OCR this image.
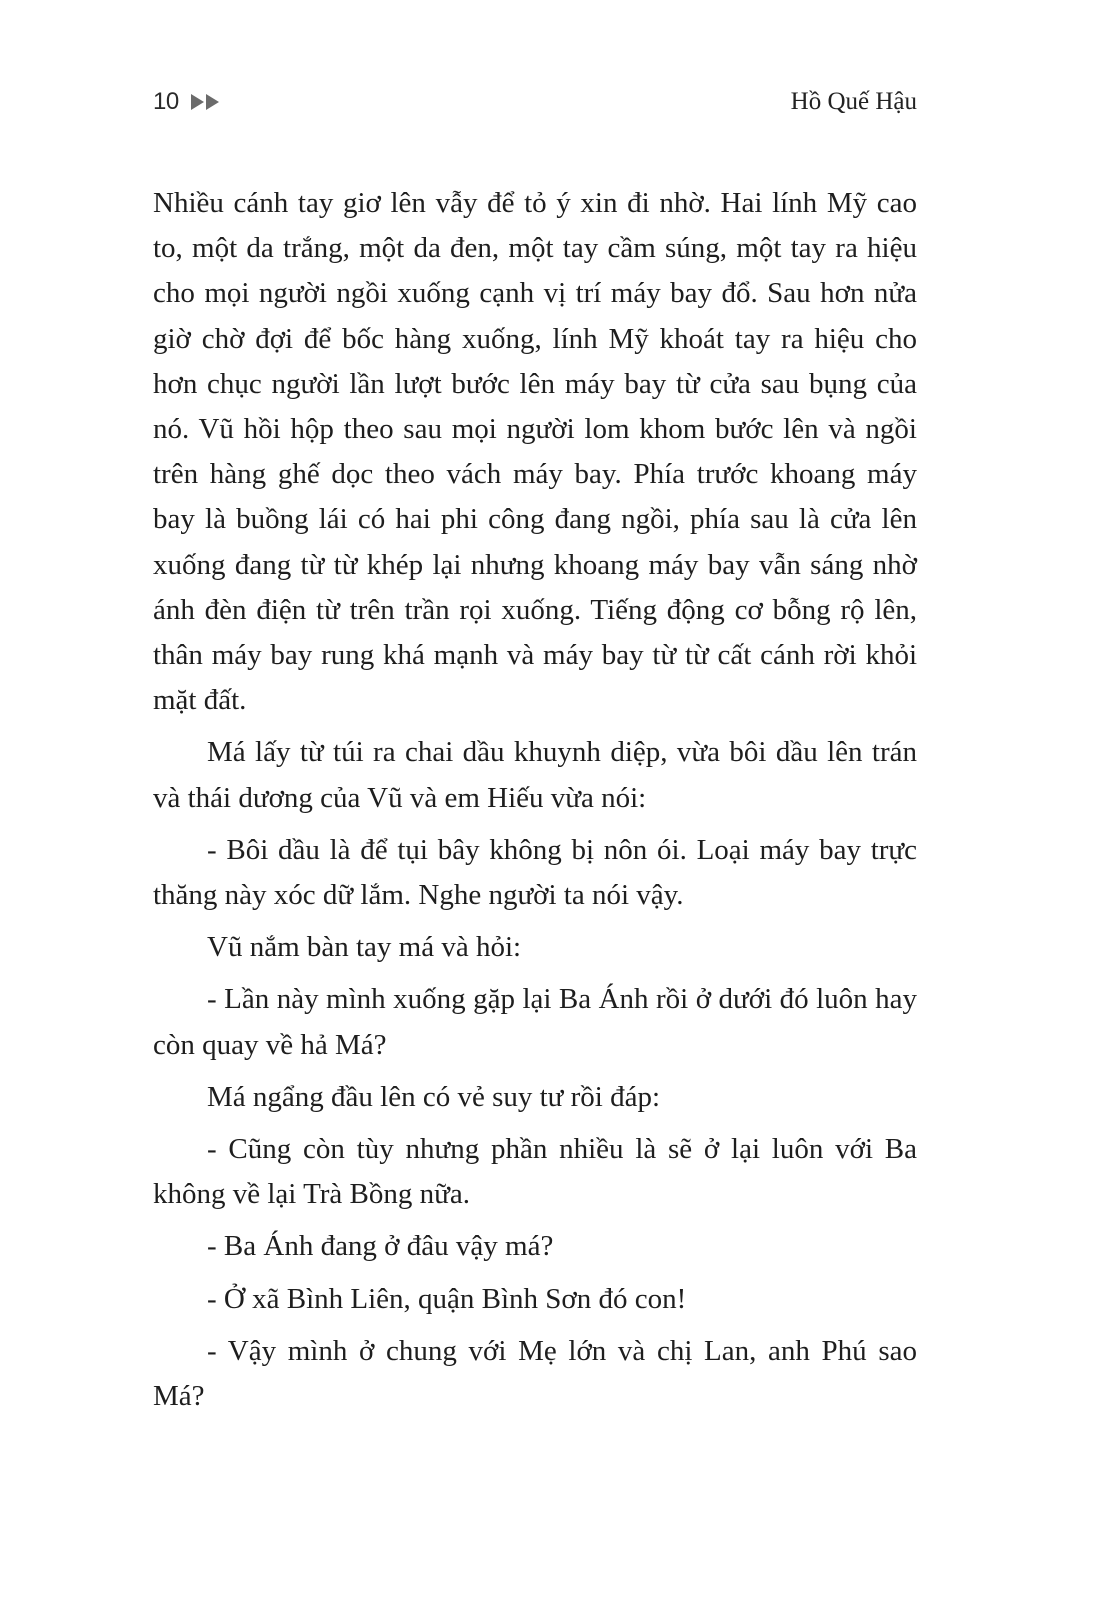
10	Hồ Quế Hậu

Nhiều cánh tay giơ lên vẫy để tỏ ý xin đi nhờ. Hai lính Mỹ cao to, một da trắng, một da đen, một tay cầm súng, một tay ra hiệu cho mọi người ngồi xuống cạnh vị trí máy bay đổ. Sau hơn nửa giờ chờ đợi để bốc hàng xuống, lính Mỹ khoát tay ra hiệu cho hơn chục người lần lượt bước lên máy bay từ cửa sau bụng của nó. Vũ hồi hộp theo sau mọi người lom khom bước lên và ngồi trên hàng ghế dọc theo vách máy bay. Phía trước khoang máy bay là buồng lái có hai phi công đang ngồi, phía sau là cửa lên xuống đang từ từ khép lại nhưng khoang máy bay vẫn sáng nhờ ánh đèn điện từ trên trần rọi xuống. Tiếng động cơ bỗng rộ lên, thân máy bay rung khá mạnh và máy bay từ từ cất cánh rời khỏi mặt đất.

Má lấy từ túi ra chai dầu khuynh diệp, vừa bôi dầu lên trán và thái dương của Vũ và em Hiếu vừa nói:

- Bôi dầu là để tụi bây không bị nôn ói. Loại máy bay trực thăng này xóc dữ lắm. Nghe người ta nói vậy.

Vũ nắm bàn tay má và hỏi:

- Lần này mình xuống gặp lại Ba Ánh rồi ở dưới đó luôn hay còn quay về hả Má?

Má ngẩng đầu lên có vẻ suy tư rồi đáp:

- Cũng còn tùy nhưng phần nhiều là sẽ ở lại luôn với Ba không về lại Trà Bồng nữa.

- Ba Ánh đang ở đâu vậy má?

- Ở xã Bình Liên, quận Bình Sơn đó con!

- Vậy mình ở chung với Mẹ lớn và chị Lan, anh Phú sao Má?
